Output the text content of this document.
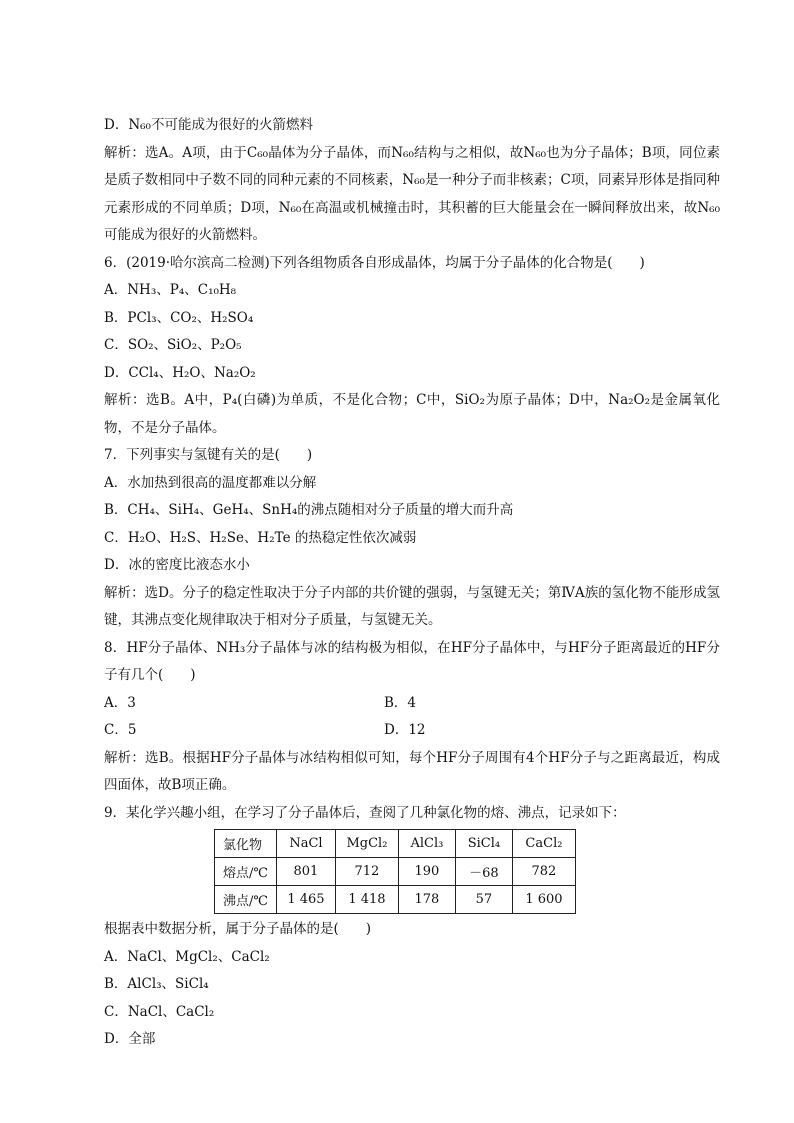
D．N₆₀不可能成为很好的火箭燃料
解析：选A。A项，由于C₆₀晶体为分子晶体，而N₆₀结构与之相似，故N₆₀也为分子晶体；B项，同位素是质子数相同中子数不同的同种元素的不同核素，N₆₀是一种分子而非核素；C项，同素异形体是指同种元素形成的不同单质；D项，N₆₀在高温或机械撞击时，其积蓄的巨大能量会在一瞬间释放出来，故N₆₀可能成为很好的火箭燃料。
6．(2019·哈尔滨高二检测)下列各组物质各自形成晶体，均属于分子晶体的化合物是(　　)
A．NH₃、P₄、C₁₀H₈
B．PCl₃、CO₂、H₂SO₄
C．SO₂、SiO₂、P₂O₅
D．CCl₄、H₂O、Na₂O₂
解析：选B。A中，P₄(白磷)为单质，不是化合物；C中，SiO₂为原子晶体；D中，Na₂O₂是金属氧化物，不是分子晶体。
7．下列事实与氢键有关的是(　　)
A．水加热到很高的温度都难以分解
B．CH₄、SiH₄、GeH₄、SnH₄的沸点随相对分子质量的增大而升高
C．H₂O、H₂S、H₂Se、H₂Te 的热稳定性依次减弱
D．冰的密度比液态水小
解析：选D。分子的稳定性取决于分子内部的共价键的强弱，与氢键无关；第ⅣA族的氢化物不能形成氢键，其沸点变化规律取决于相对分子质量，与氢键无关。
8．HF分子晶体、NH₃分子晶体与冰的结构极为相似，在HF分子晶体中，与HF分子距离最近的HF分子有几个(　　)
A．3	B．4
C．5	D．12
解析：选B。根据HF分子晶体与冰结构相似可知，每个HF分子周围有4个HF分子与之距离最近，构成四面体，故B项正确。
9．某化学兴趣小组，在学习了分子晶体后，查阅了几种氯化物的熔、沸点，记录如下：
氯化物	NaCl	MgCl₂	AlCl₃	SiCl₄	CaCl₂
熔点/℃	801	712	190	－68	782
沸点/℃	1 465	1 418	178	57	1 600
根据表中数据分析，属于分子晶体的是(　　)
A．NaCl、MgCl₂、CaCl₂
B．AlCl₃、SiCl₄
C．NaCl、CaCl₂
D．全部
